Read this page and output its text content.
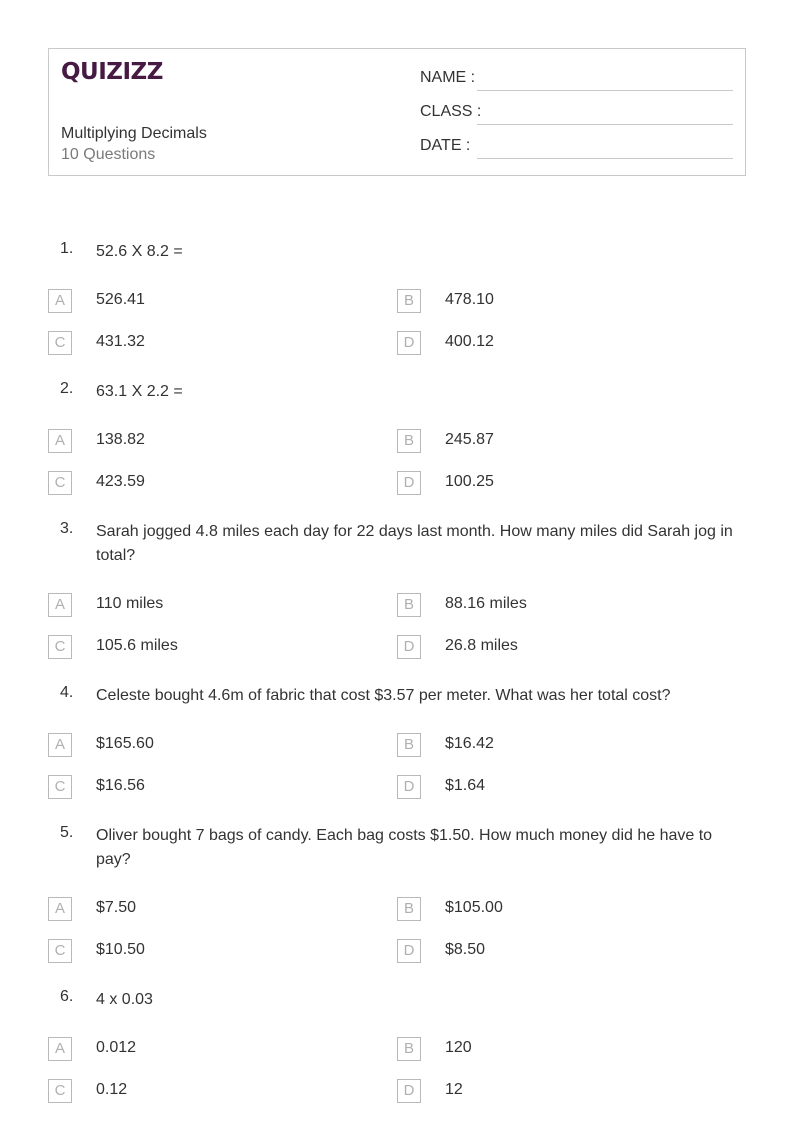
QUIZIZZ
Multiplying Decimals
10 Questions
NAME :
CLASS :
DATE :
1. 52.6 X 8.2 =
A	526.41	B	478.10
C	431.32	D	400.12
2. 63.1 X 2.2 =
A	138.82	B	245.87
C	423.59	D	100.25
3. Sarah jogged 4.8 miles each day for 22 days last month. How many miles did Sarah jog in total?
A	110 miles	B	88.16 miles
C	105.6 miles	D	26.8 miles
4. Celeste bought 4.6m of fabric that cost $3.57 per meter. What was her total cost?
A	$165.60	B	$16.42
C	$16.56	D	$1.64
5. Oliver bought 7 bags of candy. Each bag costs $1.50. How much money did he have to pay?
A	$7.50	B	$105.00
C	$10.50	D	$8.50
6. 4 x 0.03
A	0.012	B	120
C	0.12	D	12
